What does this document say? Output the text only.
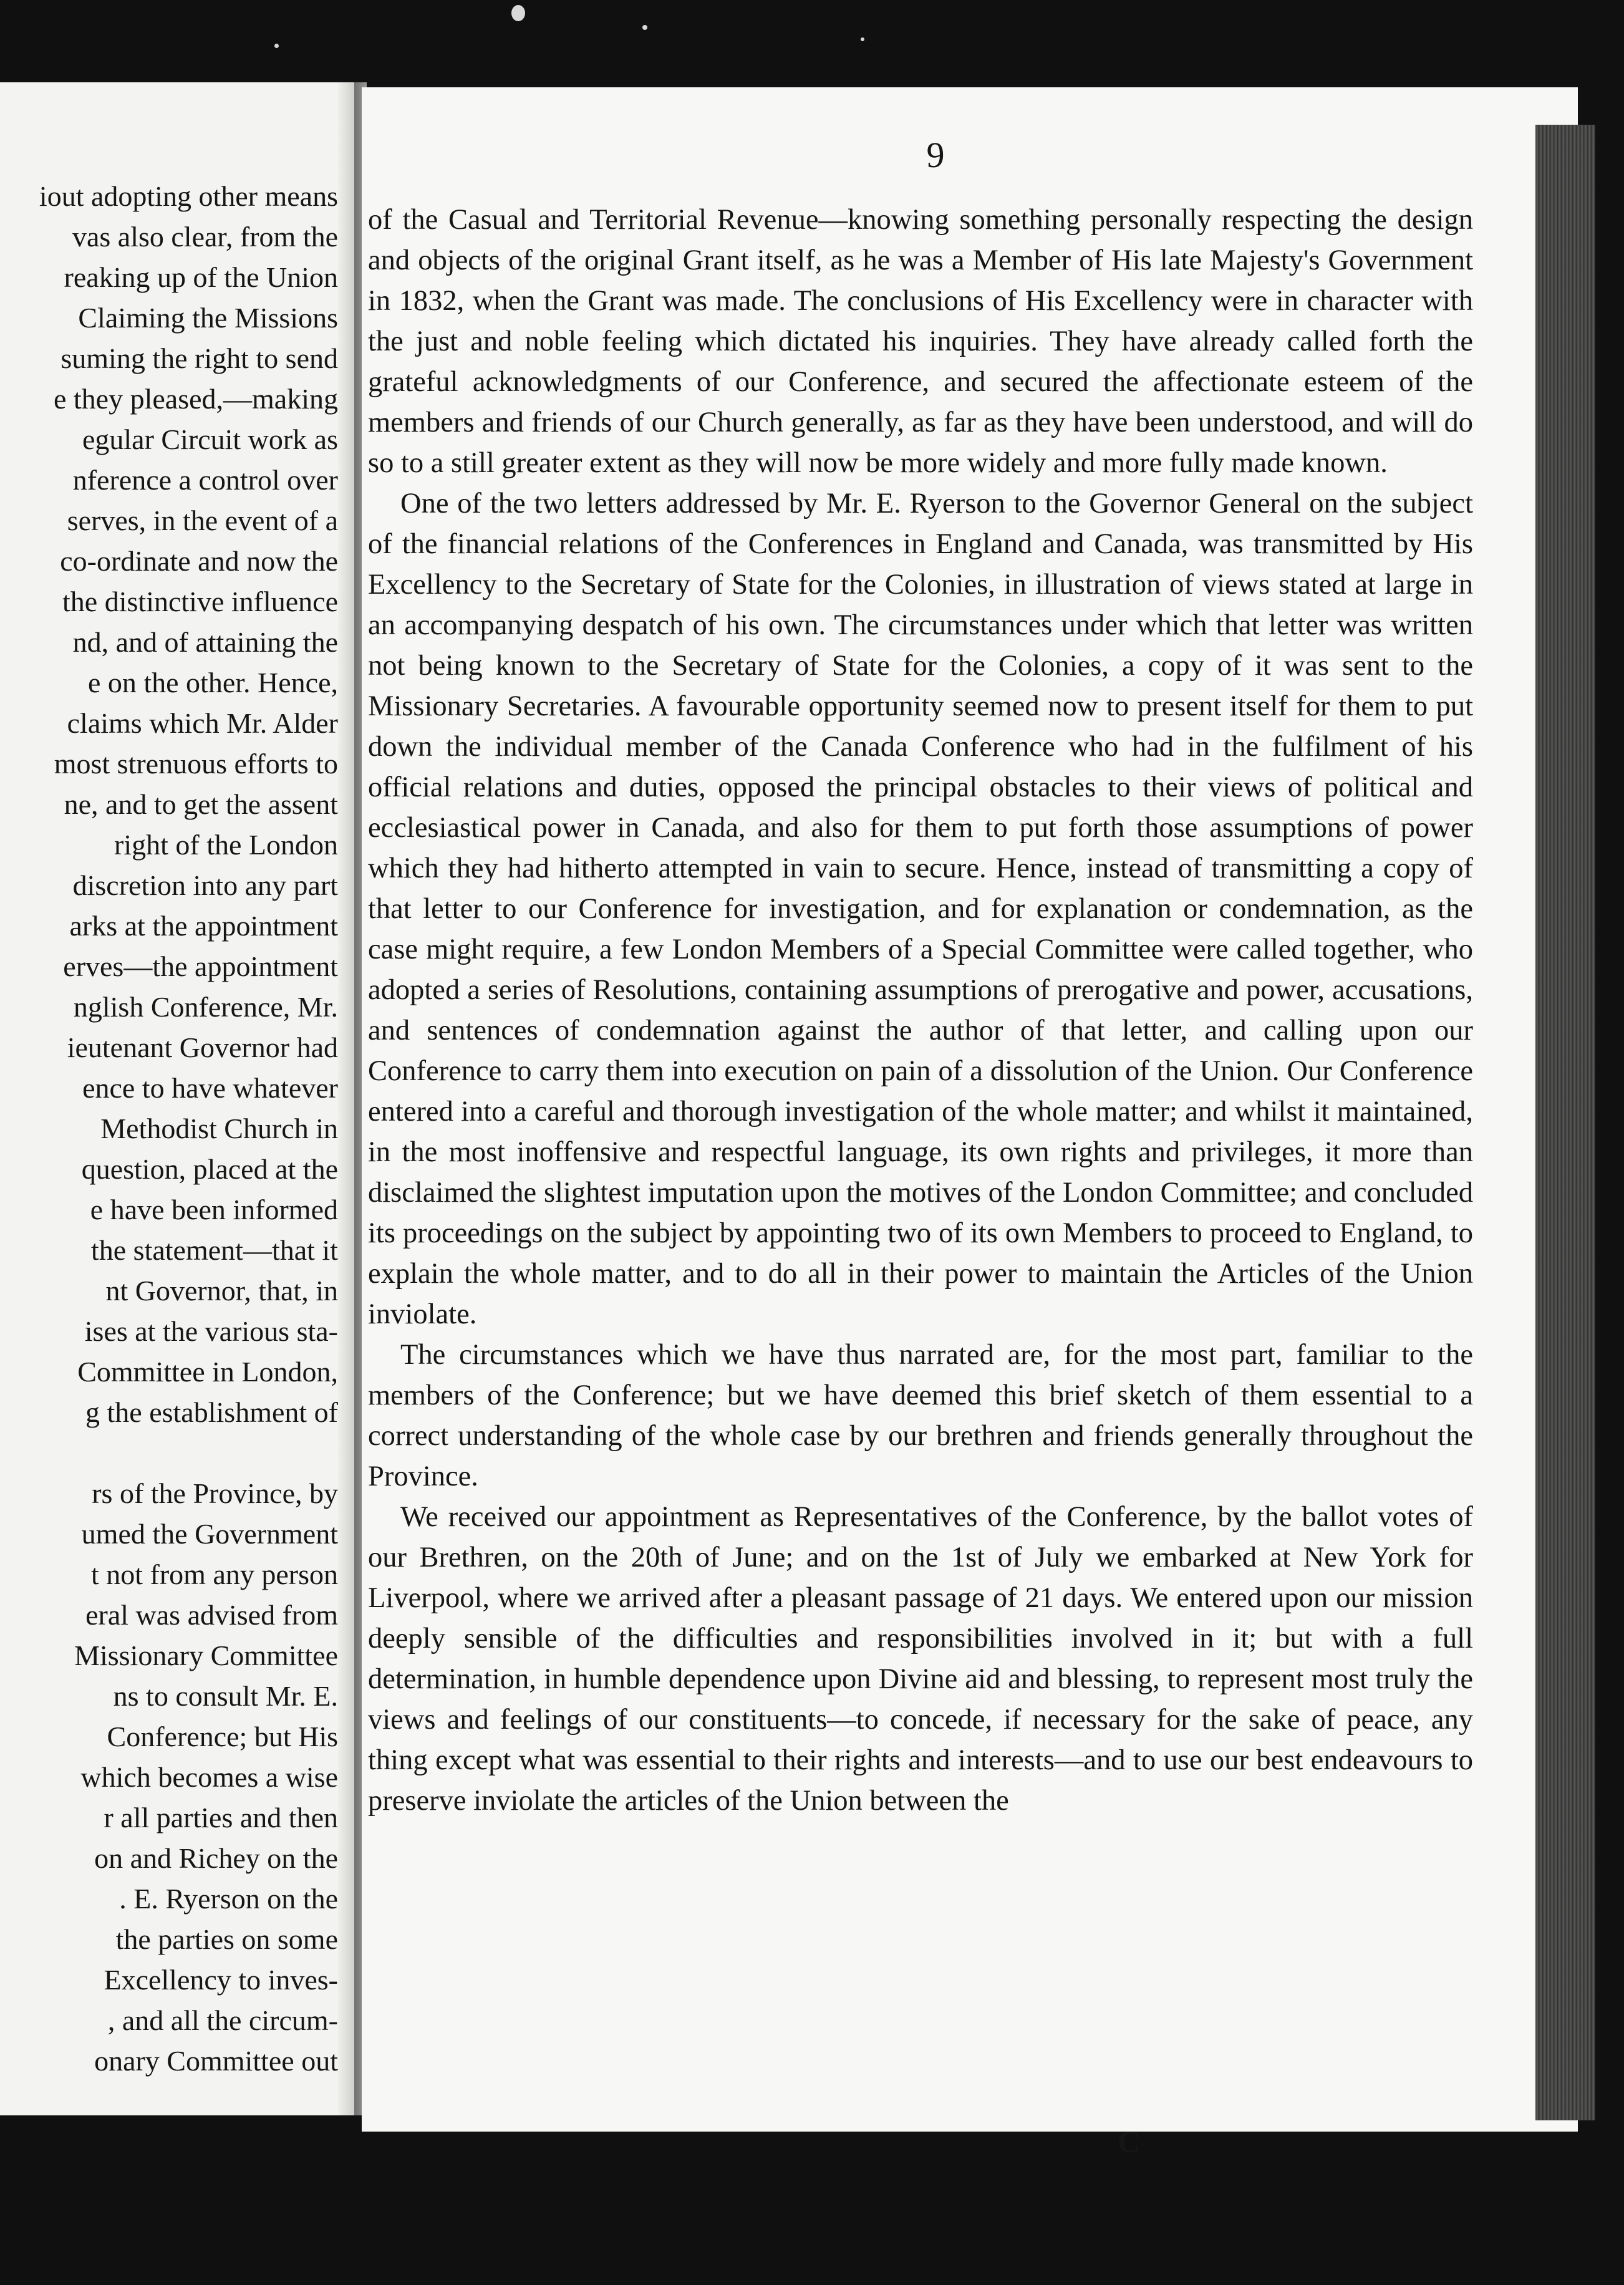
iout adopting other means
vas also clear, from the
reaking up of the Union
Claiming the Missions
suming the right to send
e they pleased,—making
egular Circuit work as
nference a control over
serves, in the event of a
co-ordinate and now the
the distinctive influence
nd, and of attaining the
e on the other. Hence,
claims which Mr. Alder
most strenuous efforts to
ne, and to get the assent
right of the London
discretion into any part
arks at the appointment
erves—the appointment
nglish Conference, Mr.
ieutenant Governor had
ence to have whatever
Methodist Church in
question, placed at the
e have been informed
the statement—that it
nt Governor, that, in
ises at the various sta-
Committee in London,
g the establishment of
rs of the Province, by
umed the Government
t not from any person
eral was advised from
Missionary Committee
ns to consult Mr. E.
Conference; but His
which becomes a wise
r all parties and then
on and Richey on the
. E. Ryerson on the
the parties on some
Excellency to inves-
, and all the circum-
onary Committee out
9

of the Casual and Territorial Revenue—knowing something personally respecting the design and objects of the original Grant itself, as he was a Member of His late Majesty's Government in 1832, when the Grant was made. The conclusions of His Excellency were in character with the just and noble feeling which dictated his inquiries. They have already called forth the grateful acknowledgments of our Conference, and secured the affectionate esteem of the members and friends of our Church generally, as far as they have been understood, and will do so to a still greater extent as they will now be more widely and more fully made known.

One of the two letters addressed by Mr. E. Ryerson to the Governor General on the subject of the financial relations of the Conferences in England and Canada, was transmitted by His Excellency to the Secretary of State for the Colonies, in illustration of views stated at large in an accompanying despatch of his own. The circumstances under which that letter was written not being known to the Secretary of State for the Colonies, a copy of it was sent to the Missionary Secretaries. A favourable opportunity seemed now to present itself for them to put down the individual member of the Canada Conference who had in the fulfilment of his official relations and duties, opposed the principal obstacles to their views of political and ecclesiastical power in Canada, and also for them to put forth those assumptions of power which they had hitherto attempted in vain to secure. Hence, instead of transmitting a copy of that letter to our Conference for investigation, and for explanation or condemnation, as the case might require, a few London Members of a Special Committee were called together, who adopted a series of Resolutions, containing assumptions of prerogative and power, accusations, and sentences of condemnation against the author of that letter, and calling upon our Conference to carry them into execution on pain of a dissolution of the Union. Our Conference entered into a careful and thorough investigation of the whole matter; and whilst it maintained, in the most inoffensive and respectful language, its own rights and privileges, it more than disclaimed the slightest imputation upon the motives of the London Committee; and concluded its proceedings on the subject by appointing two of its own Members to proceed to England, to explain the whole matter, and to do all in their power to maintain the Articles of the Union inviolate.

The circumstances which we have thus narrated are, for the most part, familiar to the members of the Conference; but we have deemed this brief sketch of them essential to a correct understanding of the whole case by our brethren and friends generally throughout the Province.

We received our appointment as Representatives of the Conference, by the ballot votes of our Brethren, on the 20th of June; and on the 1st of July we embarked at New York for Liverpool, where we arrived after a pleasant passage of 21 days. We entered upon our mission deeply sensible of the difficulties and responsibilities involved in it; but with a full determination, in humble dependence upon Divine aid and blessing, to represent most truly the views and feelings of our constituents—to concede, if necessary for the sake of peace, any thing except what was essential to their rights and interests—and to use our best endeavours to preserve inviolate the articles of the Union between the

C
